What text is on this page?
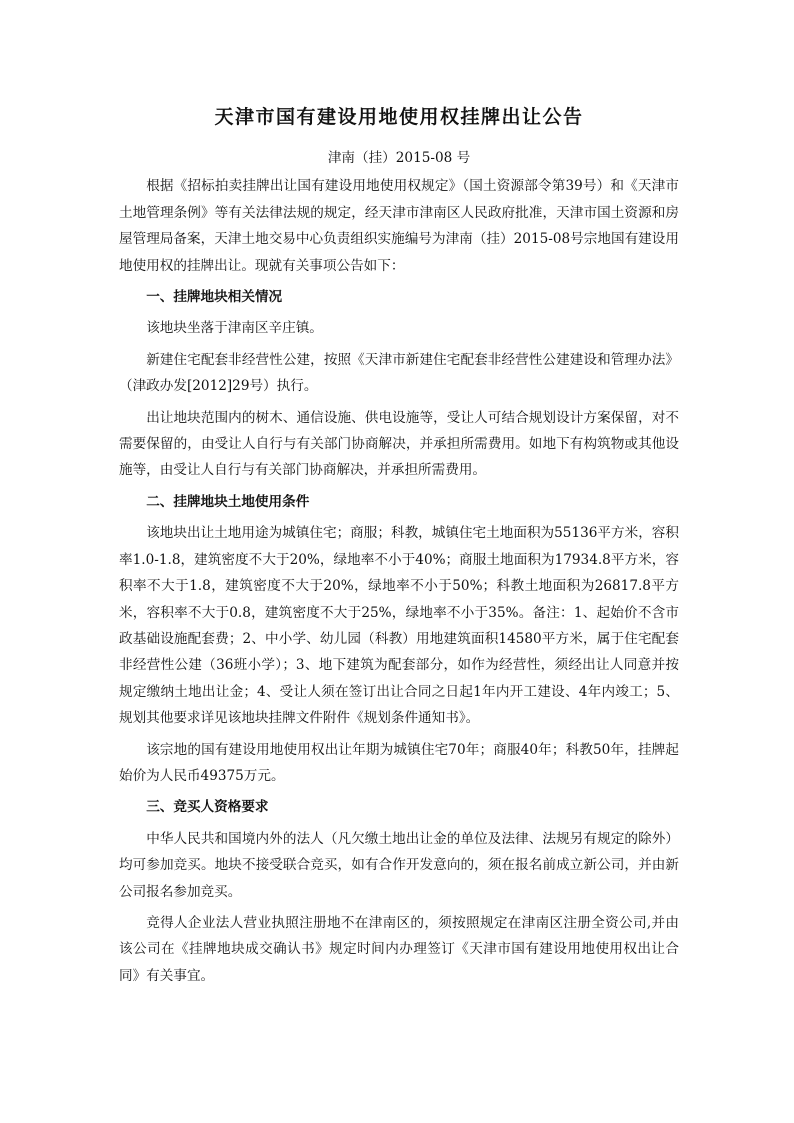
天津市国有建设用地使用权挂牌出让公告
津南（挂）2015-08 号

根据《招标拍卖挂牌出让国有建设用地使用权规定》（国土资源部令第39号）和《天津市土地管理条例》等有关法律法规的规定，经天津市津南区人民政府批准，天津市国土资源和房屋管理局备案，天津土地交易中心负责组织实施编号为津南（挂）2015-08号宗地国有建设用地使用权的挂牌出让。现就有关事项公告如下：

一、挂牌地块相关情况

该地块坐落于津南区辛庄镇。

新建住宅配套非经营性公建，按照《天津市新建住宅配套非经营性公建建设和管理办法》（津政办发[2012]29号）执行。

出让地块范围内的树木、通信设施、供电设施等，受让人可结合规划设计方案保留，对不需要保留的，由受让人自行与有关部门协商解决，并承担所需费用。如地下有构筑物或其他设施等，由受让人自行与有关部门协商解决，并承担所需费用。

二、挂牌地块土地使用条件

该地块出让土地用途为城镇住宅；商服；科教，城镇住宅土地面积为55136平方米，容积率1.0-1.8，建筑密度不大于20%，绿地率不小于40%；商服土地面积为17934.8平方米，容积率不大于1.8，建筑密度不大于20%，绿地率不小于50%；科教土地面积为26817.8平方米，容积率不大于0.8，建筑密度不大于25%，绿地率不小于35%。备注：1、起始价不含市政基础设施配套费；2、中小学、幼儿园（科教）用地建筑面积14580平方米，属于住宅配套非经营性公建（36班小学）；3、地下建筑为配套部分，如作为经营性，须经出让人同意并按规定缴纳土地出让金；4、受让人须在签订出让合同之日起1年内开工建设、4年内竣工；5、规划其他要求详见该地块挂牌文件附件《规划条件通知书》。

该宗地的国有建设用地使用权出让年期为城镇住宅70年；商服40年；科教50年，挂牌起始价为人民币49375万元。

三、竞买人资格要求

中华人民共和国境内外的法人（凡欠缴土地出让金的单位及法律、法规另有规定的除外）均可参加竞买。地块不接受联合竞买，如有合作开发意向的，须在报名前成立新公司，并由新公司报名参加竞买。

竞得人企业法人营业执照注册地不在津南区的，须按照规定在津南区注册全资公司,并由该公司在《挂牌地块成交确认书》规定时间内办理签订《天津市国有建设用地使用权出让合同》有关事宜。
